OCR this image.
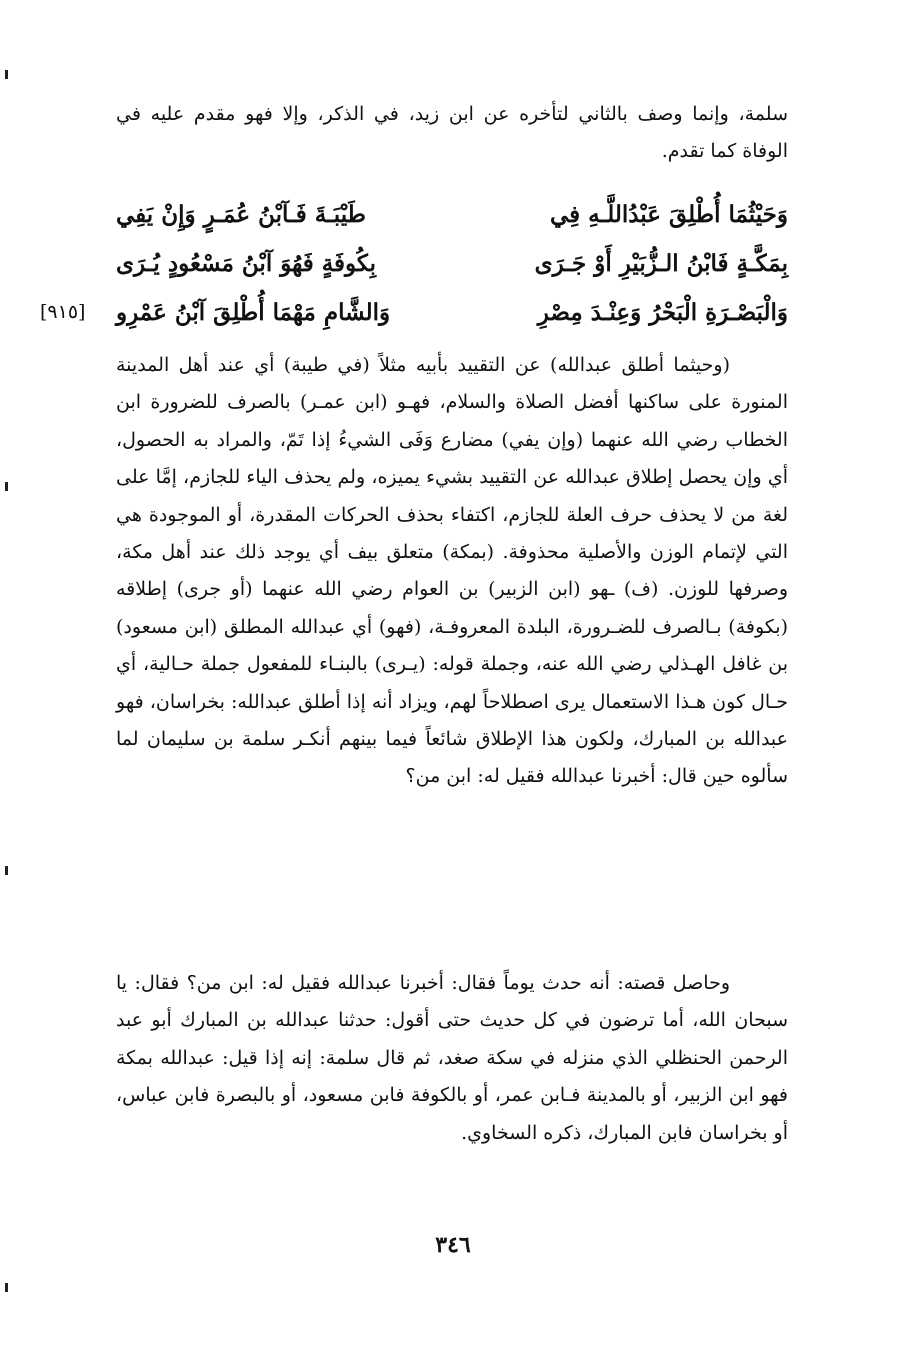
سلمة، وإنما وصف بالثاني لتأخره عن ابن زيد، في الذكر، وإلا فهو مقدم عليه في الوفاة كما تقدم.

وَحَيْثُمَا أُطْلِقَ عَبْدُاللَّـهِ فِي
طَيْبَـةَ فَـآبْنُ عُمَـرٍ وَإِنْ يَفِي
بِمَكَّـةٍ فَابْنُ الـزُّبَيْرِ أَوْ جَـرَى
بِكُوفَةٍ فَهُوَ آبْنُ مَسْعُودٍ يُـرَى
وَالْبَصْـرَةِ الْبَحْرُ وَعِنْـدَ مِصْرِ
وَالشَّامِ مَهْمَا أُطْلِقَ آبْنُ عَمْرِو
[٩١٥]

(وحيثما أطلق عبدالله) عن التقييد بأبيه مثلاً (في طيبة) أي عند أهل المدينة المنورة على ساكنها أفضل الصلاة والسلام، فهـو (ابن عمـر) بالصرف للضرورة ابن الخطاب رضي الله عنهما (وإن يفي) مضارع وَفَى الشيءُ إذا تَمّ، والمراد به الحصول، أي وإن يحصل إطلاق عبدالله عن التقييد بشيء يميزه، ولم يحذف الياء للجازم، إمَّا على لغة من لا يحذف حرف العلة للجازم، اكتفاء بحذف الحركات المقدرة، أو الموجودة هي التي لإتمام الوزن والأصلية محذوفة. (بمكة) متعلق بيف أي يوجد ذلك عند أهل مكة، وصرفها للوزن. (ف) ـهو (ابن الزبير) بن العوام رضي الله عنهما (أو جرى) إطلاقه (بكوفة) بـالصرف للضـرورة، البلدة المعروفـة، (فهو) أي عبدالله المطلق (ابن مسعود) بن غافل الهـذلي رضي الله عنه، وجملة قوله: (يـرى) بالبنـاء للمفعول جملة حـالية، أي حـال كون هـذا الاستعمال يرى اصطلاحاً لهم، ويزاد أنه إذا أطلق عبدالله: بخراسان، فهو عبدالله بن المبارك، ولكون هذا الإطلاق شائعاً فيما بينهم أنكـر سلمة بن سليمان لما سألوه حين قال: أخبرنا عبدالله فقيل له: ابن من؟

وحاصل قصته: أنه حدث يوماً فقال: أخبرنا عبدالله فقيل له: ابن من؟ فقال: يا سبحان الله، أما ترضون في كل حديث حتى أقول: حدثنا عبدالله بن المبارك أبو عبد الرحمن الحنظلي الذي منزله في سكة صغد، ثم قال سلمة: إنه إذا قيل: عبدالله بمكة فهو ابن الزبير، أو بالمدينة فـابن عمر، أو بالكوفة فابن مسعود، أو بالبصرة فابن عباس، أو بخراسان فابن المبارك، ذكره السخاوي.

٣٤٦
